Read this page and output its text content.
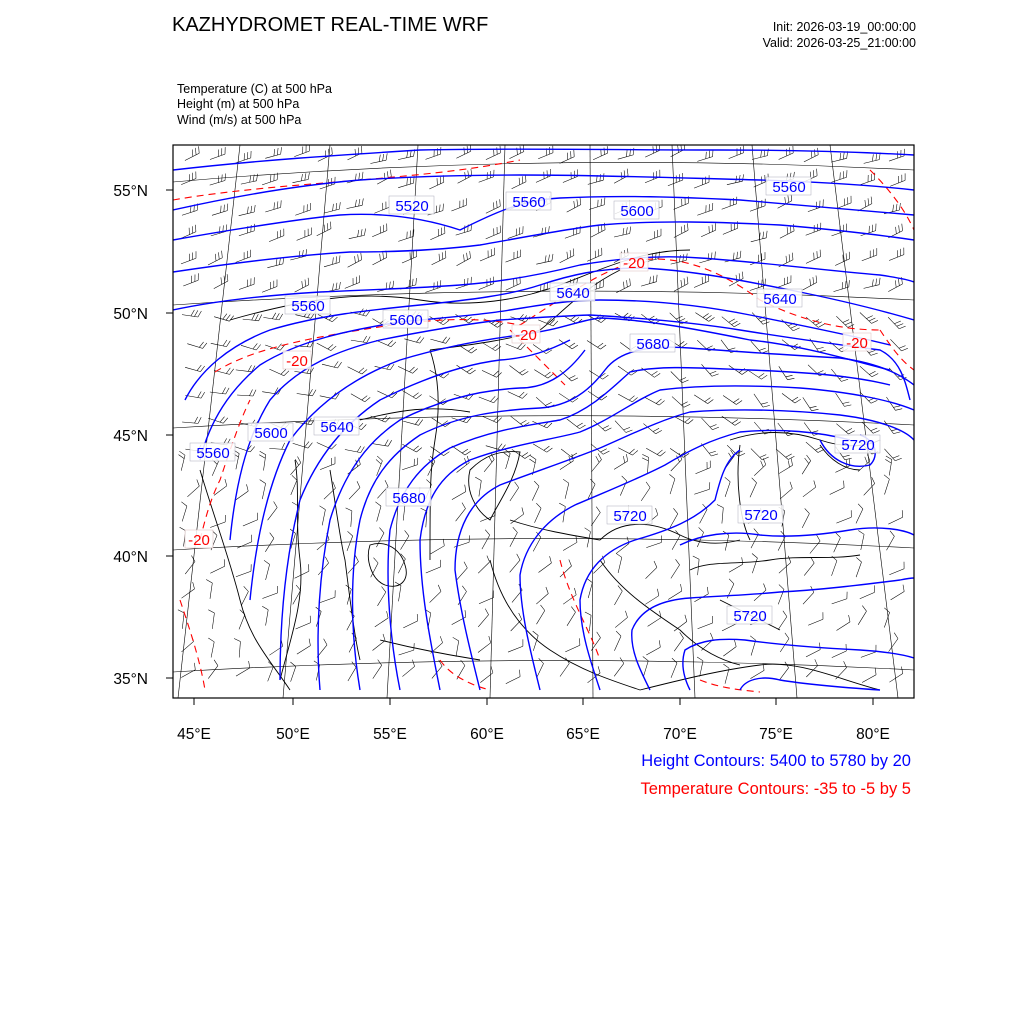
KAZHYDROMET REAL-TIME WRF	Init: 2026-03-19_00:00:00
Valid: 2026-03-25_21:00:00
Temperature (C) at 500 hPa
Height (m) at 500 hPa
Wind (m/s) at 500 hPa
55°N
50°N
45°N
40°N
35°N
45°E	50°E	55°E	60°E	65°E	70°E	75°E	80°E
5520	5560
5600
5560
5560
5600
5640	5640
5680
5600 5640
5560	5720
5680
5720	5720
5720
-20
-20
-20
-20
-20
Height Contours: 5400 to 5780 by 20
Temperature Contours: -35 to -5 by 5
